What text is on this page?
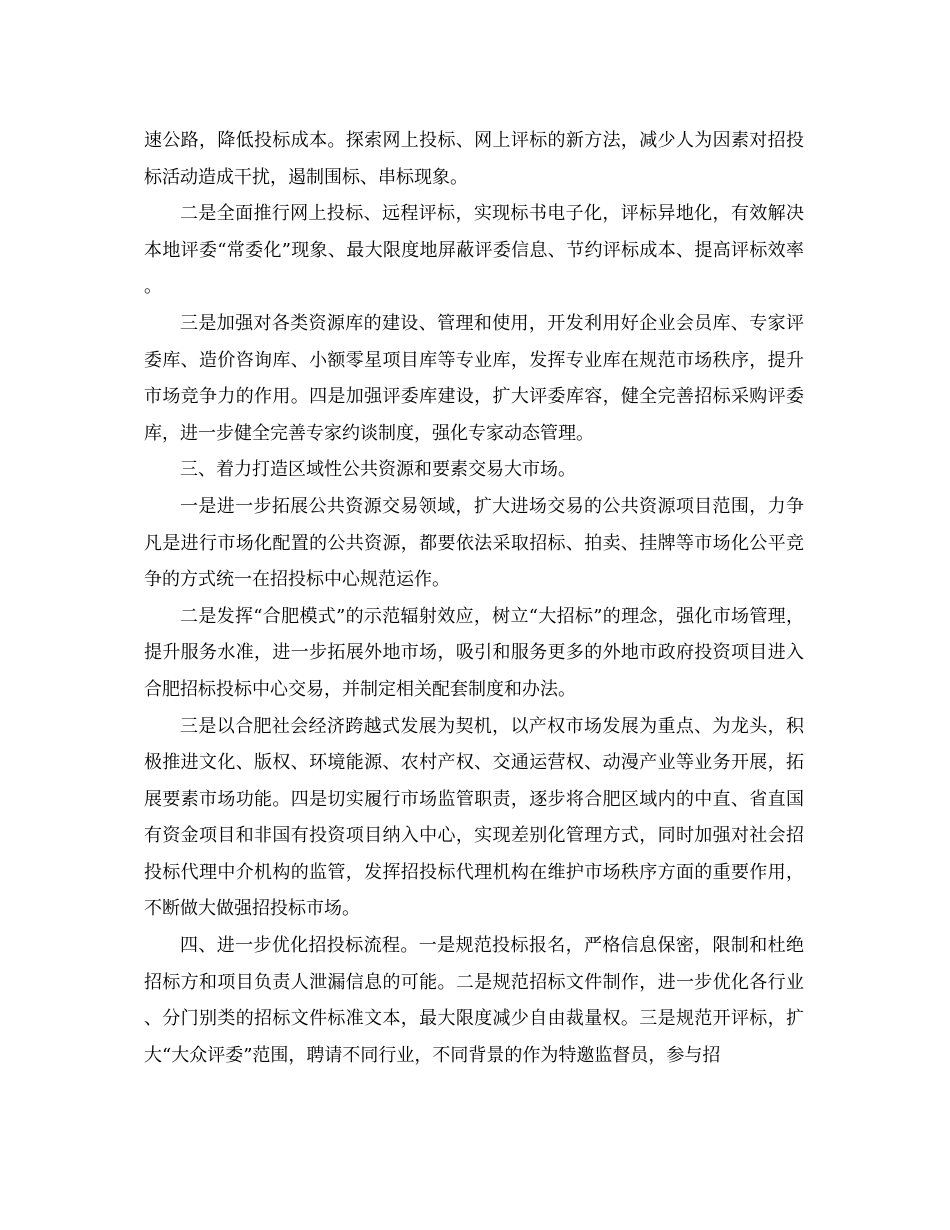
速公路，降低投标成本。探索网上投标、网上评标的新方法，减少人为因素对招投标活动造成干扰，遏制围标、串标现象。

二是全面推行网上投标、远程评标，实现标书电子化，评标异地化，有效解决本地评委“常委化”现象、最大限度地屏蔽评委信息、节约评标成本、提高评标效率。

三是加强对各类资源库的建设、管理和使用，开发利用好企业会员库、专家评委库、造价咨询库、小额零星项目库等专业库，发挥专业库在规范市场秩序，提升市场竞争力的作用。四是加强评委库建设，扩大评委库容，健全完善招标采购评委库，进一步健全完善专家约谈制度，强化专家动态管理。

三、着力打造区域性公共资源和要素交易大市场。

一是进一步拓展公共资源交易领域，扩大进场交易的公共资源项目范围，力争凡是进行市场化配置的公共资源，都要依法采取招标、拍卖、挂牌等市场化公平竞争的方式统一在招投标中心规范运作。

二是发挥“合肥模式”的示范辐射效应，树立“大招标”的理念，强化市场管理，提升服务水准，进一步拓展外地市场，吸引和服务更多的外地市政府投资项目进入合肥招标投标中心交易，并制定相关配套制度和办法。

三是以合肥社会经济跨越式发展为契机，以产权市场发展为重点、为龙头，积极推进文化、版权、环境能源、农村产权、交通运营权、动漫产业等业务开展，拓展要素市场功能。四是切实履行市场监管职责，逐步将合肥区域内的中直、省直国有资金项目和非国有投资项目纳入中心，实现差别化管理方式，同时加强对社会招投标代理中介机构的监管，发挥招投标代理机构在维护市场秩序方面的重要作用，不断做大做强招投标市场。

四、进一步优化招投标流程。一是规范投标报名，严格信息保密，限制和杜绝招标方和项目负责人泄漏信息的可能。二是规范招标文件制作，进一步优化各行业、分门别类的招标文件标准文本，最大限度减少自由裁量权。三是规范开评标，扩大“大众评委”范围，聘请不同行业，不同背景的作为特邀监督员，参与招
